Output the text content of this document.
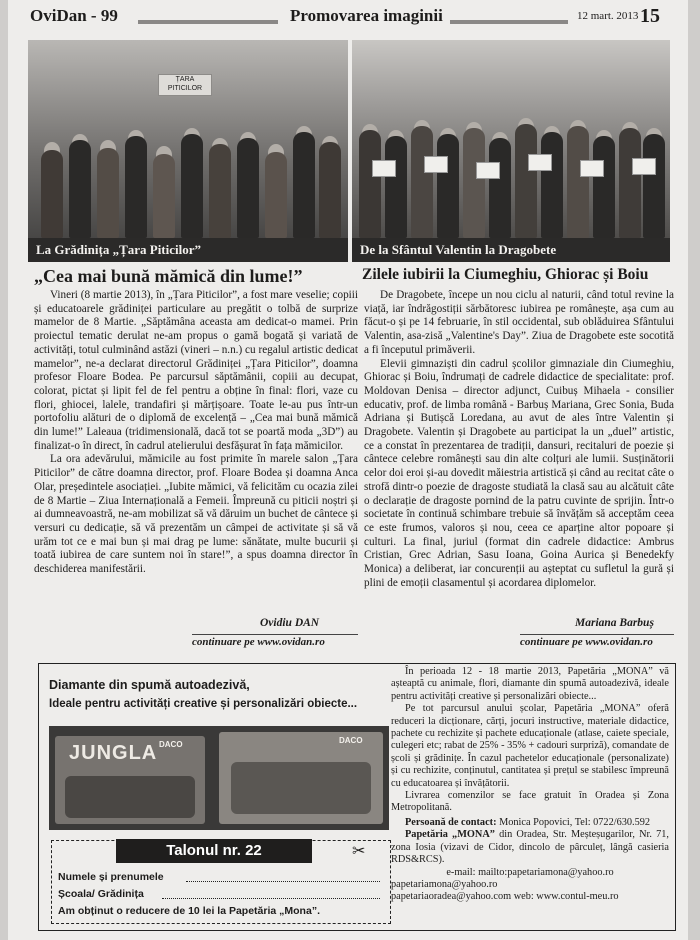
OviDan - 99	Promovarea imaginii	12 mart. 2013 15
ȚARA PITICILOR
La Grădinița „Țara Piticilor”	De la Sfântul Valentin la Dragobete
„Cea mai bună mămică din lume!”

Vineri (8 martie 2013), în „Țara Piticilor”, a fost mare veselie; copiii și educatoarele grădiniței particulare au pregătit o tolbă de surprize mamelor de 8 Martie. „Săptămâna aceasta am dedicat-o mamei. Prin proiectul tematic derulat ne-am propus o gamă bogată și variată de activități, totul culminând astăzi (vineri – n.n.) cu regalul artistic dedicat mamelor”, ne-a declarat directorul Grădiniței „Țara Piticilor”, doamna profesor Floare Bodea. Pe parcursul săptămânii, copiii au decupat, colorat, pictat și lipit fel de fel pentru a obține în final: flori, vaze cu flori, ghiocei, lalele, trandafiri și mărțișoare. Toate le-au pus într-un portofoliu alături de o diplomă de excelență – „Cea mai bună mămică din lume!” Laleaua (tridimensională, dacă tot se poartă moda „3D”) au finalizat-o în direct, în cadrul atelierului desfășurat în fața mămicilor.

La ora adevărului, mămicile au fost primite în marele salon „Țara Piticilor” de către doamna director, prof. Floare Bodea și doamna Anca Olar, președintele asociației. „Iubite mămici, vă felicităm cu ocazia zilei de 8 Martie – Ziua Internațională a Femeii. Împreună cu piticii noștri și ai dumneavoastră, ne-am mobilizat să vă dăruim un buchet de cântece și versuri cu dedicație, să vă prezentăm un câmpei de activitate și să vă urăm tot ce e mai bun și mai drag pe lume: sănătate, multe bucurii și toată iubirea de care suntem noi în stare!”, a spus doamna director în deschiderea manifestării.

Ovidiu DAN
continuare pe www.ovidan.ro
Zilele iubirii la Ciumeghiu, Ghiorac și Boiu

De Dragobete, începe un nou ciclu al naturii, când totul revine la viață, iar îndrăgostiții sărbătoresc iubirea pe românește, așa cum au făcut-o și pe 14 februarie, în stil occidental, sub oblăduirea Sfântului Valentin, asa-zisă „Valentine's Day”. Ziua de Dragobete este socotită a fi începutul primăverii.

Elevii gimnaziști din cadrul școlilor gimnaziale din Ciumeghiu, Ghiorac și Boiu, îndrumați de cadrele didactice de specialitate: prof. Moldovan Denisa – director adjunct, Cuibuș Mihaela - consilier educativ, prof. de limba română - Barbuș Mariana, Grec Sonia, Buda Adriana și Butișcă Loredana, au avut de ales între Valentin și Dragobete. Valentin și Dragobete au participat la un „duel” artistic, ce a constat în prezentarea de tradiții, dansuri, recitaluri de poezie și cântece celebre românești sau din alte colțuri ale lumii. Susținătorii celor doi eroi și-au dovedit măiestria artistică și când au recitat câte o strofă dintr-o poezie de dragoste studiată la clasă sau au alcătuit câte o declarație de dragoste pornind de la patru cuvinte de sprijin. Într-o societate în continuă schimbare trebuie să învățăm să acceptăm ceea ce este frumos, valoros și nou, ceea ce aparține altor popoare și culturi. La final, juriul (format din cadrele didactice: Ambrus Cristian, Grec Adrian, Sasu Ioana, Goina Aurica și Benedekfy Monica) a deliberat, iar concurenții au așteptat cu sufletul la gură și plini de emoții clasamentul și acordarea diplomelor.

Mariana Barbuș
continuare pe www.ovidan.ro
Diamante din spumă autoadezivă,
Ideale pentru activități creative și personalizări obiecte...
JUNGLA DACO	DACO
Talonul nr. 22	✂
Numele și prenumele
Școala/ Grădinița
Am obținut o reducere de 10 lei la Papetăria „Mona”.

În perioada 12 - 18 martie 2013, Papetăria „MONA” vă așteaptă cu animale, flori, diamante din spumă autoadezivă, ideale pentru activități creative și personalizări obiecte...

Pe tot parcursul anului școlar, Papetăria „MONA” oferă reduceri la dicționare, cărți, jocuri instructive, materiale didactice, pachete cu rechizite și pachete educaționale (atlase, caiete speciale, culegeri etc; rabat de 25% - 35% + cadouri surpriză), comandate de școli și grădinițe. În cazul pachetelor educaționale (personalizate) și cu rechizite, conținutul, cantitatea și prețul se stabilesc împreună cu educatoarea și învățătorii.

Livrarea comenzilor se face gratuit în Oradea și Zona Metropolitană.

Persoană de contact: Monica Popovici, Tel: 0722/630.592

Papetăria „MONA” din Oradea, Str. Meșteșugarilor, Nr. 71, zona Iosia (vizavi de Cidor, dincolo de pârculeț, lângă casieria RDS&RCS).

e-mail: mailto:papetariamona@yahoo.ro

papetariamona@yahoo.ro

papetariaoradea@yahoo.com web: www.contul-meu.ro
